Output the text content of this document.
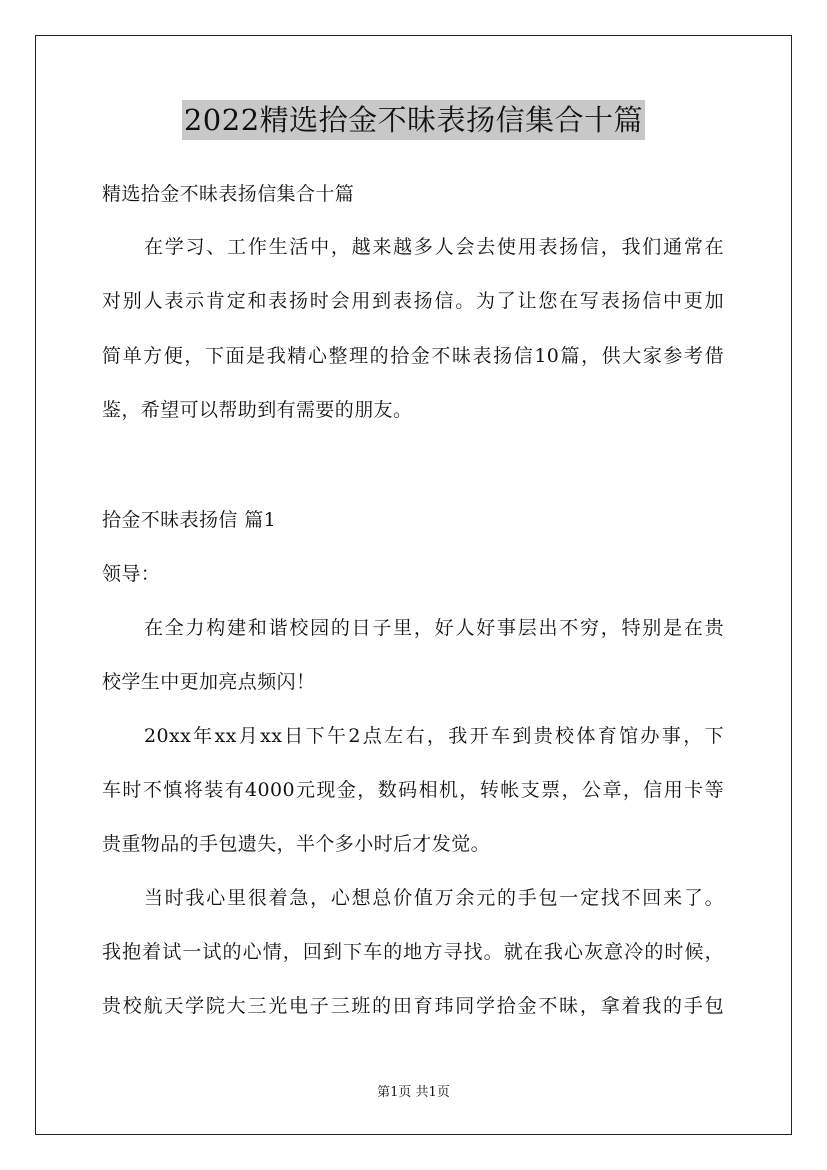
2022精选拾金不昧表扬信集合十篇
精选拾金不昧表扬信集合十篇
在学习、工作生活中，越来越多人会去使用表扬信，我们通常在
对别人表示肯定和表扬时会用到表扬信。为了让您在写表扬信中更加
简单方便，下面是我精心整理的拾金不昧表扬信10篇，供大家参考借
鉴，希望可以帮助到有需要的朋友。
拾金不昧表扬信 篇1
领导：
在全力构建和谐校园的日子里，好人好事层出不穷，特别是在贵
校学生中更加亮点频闪！
20xx年xx月xx日下午2点左右，我开车到贵校体育馆办事，下
车时不慎将装有4000元现金，数码相机，转帐支票，公章，信用卡等
贵重物品的手包遗失，半个多小时后才发觉。
当时我心里很着急，心想总价值万余元的手包一定找不回来了。
我抱着试一试的心情，回到下车的地方寻找。就在我心灰意冷的时候，
贵校航天学院大三光电子三班的田育玮同学拾金不昧，拿着我的手包
第1页 共1页
